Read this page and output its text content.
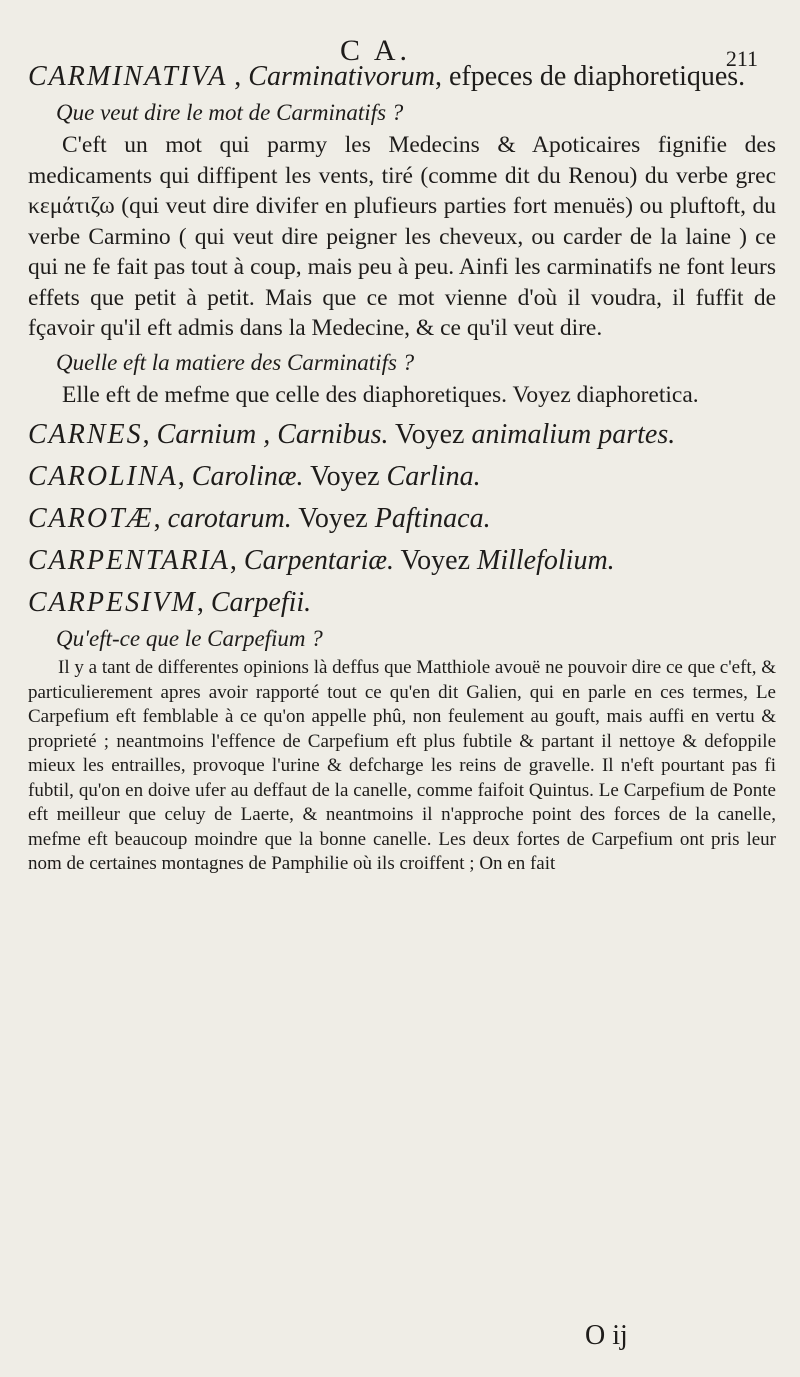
C A.	211

CARMINATIVA , Carminativorum, efpeces de diaphoretiques.

Que veut dire le mot de Carminatifs ?

C'eft un mot qui parmy les Medecins & Apoticaires fignifie des medicaments qui diffipent les vents, tiré (comme dit du Renou) du verbe grec κεμάτιζω (qui veut dire divifer en plufieurs parties fort menuës) ou pluftoft, du verbe Carmino ( qui veut dire peigner les cheveux, ou carder de la laine ) ce qui ne fe fait pas tout à coup, mais peu à peu. Ainfi les carminatifs ne font leurs effets que petit à petit. Mais que ce mot vienne d'où il voudra, il fuffit de fçavoir qu'il eft admis dans la Medecine, & ce qu'il veut dire.

Quelle eft la matiere des Carminatifs ?

Elle eft de mefme que celle des diaphoretiques. Voyez diaphoretica.

CARNES, Carnium , Carnibus. Voyez animalium partes.

CAROLINA, Carolinæ. Voyez Carlina.

CAROTÆ, carotarum. Voyez Paftinaca.

CARPENTARIA, Carpentariæ. Voyez Millefolium.

CARPESIVM, Carpefii.

Qu'eft-ce que le Carpefium ?

Il y a tant de differentes opinions là deffus que Matthiole avouë ne pouvoir dire ce que c'eft, & particulierement apres avoir rapporté tout ce qu'en dit Galien, qui en parle en ces termes, Le Carpefium eft femblable à ce qu'on appelle phû, non feulement au gouft, mais auffi en vertu & proprieté ; neantmoins l'effence de Carpefium eft plus fubtile & partant il nettoye & defoppile mieux les entrailles, provoque l'urine & defcharge les reins de gravelle. Il n'eft pourtant pas fi fubtil, qu'on en doive ufer au deffaut de la canelle, comme faifoit Quintus. Le Carpefium de Ponte eft meilleur que celuy de Laerte, & neantmoins il n'approche point des forces de la canelle, mefme eft beaucoup moindre que la bonne canelle. Les deux fortes de Carpefium ont pris leur nom de certaines montagnes de Pamphilie où ils croiffent ; On en fait

O ij
